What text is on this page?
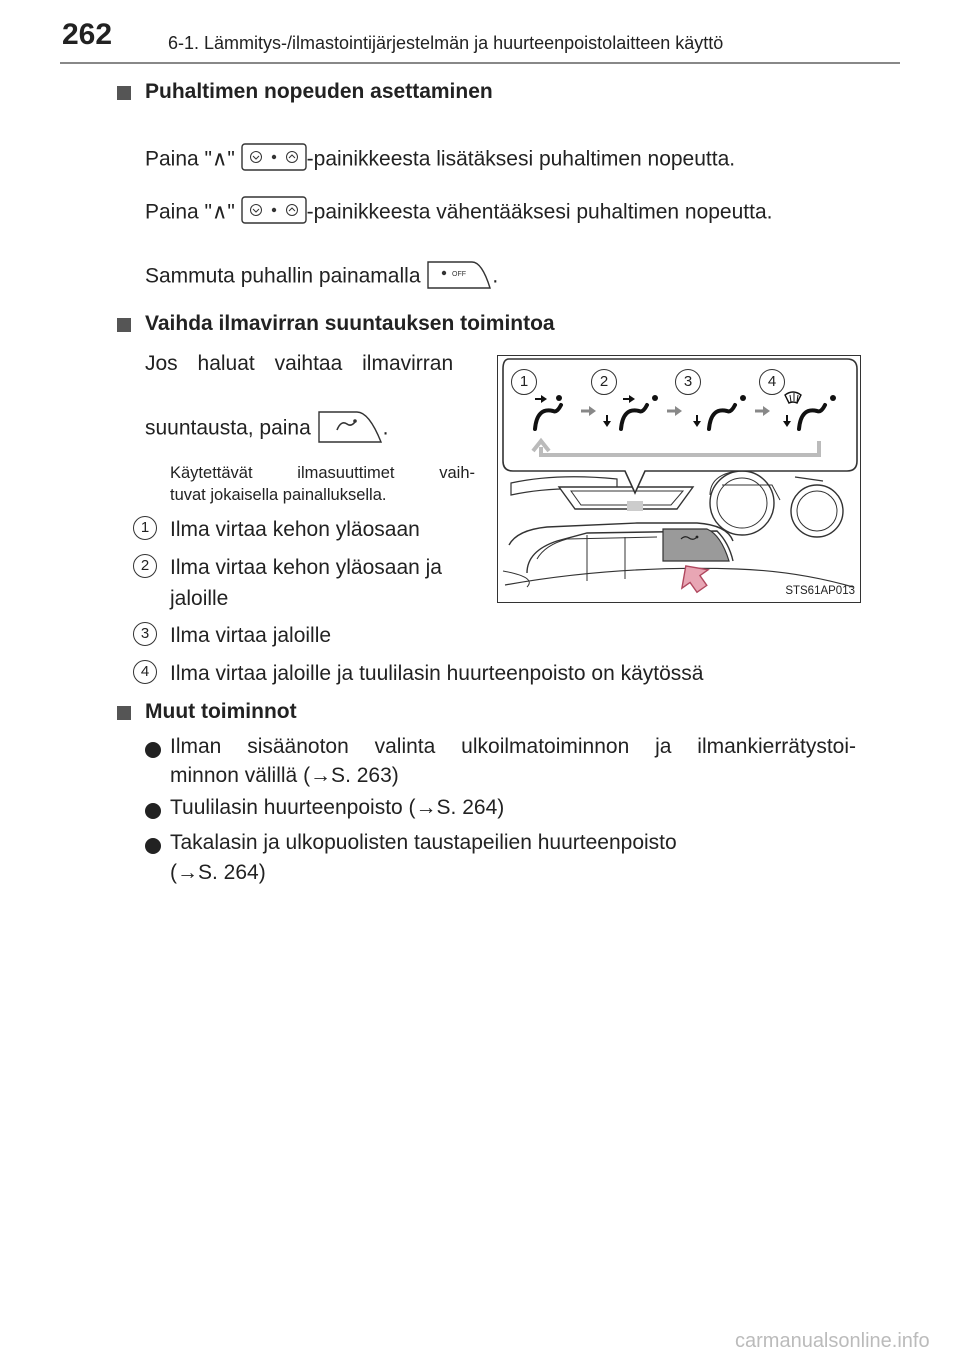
262	6-1. Lämmitys-/ilmastointijärjestelmän ja huurteenpoistolaitteen käyttö
Puhaltimen nopeuden asettaminen
Paina "∧"	-painikkeesta lisätäksesi puhaltimen nopeutta.
Paina "∧"	-painikkeesta vähentääksesi puhaltimen nopeutta.
Sammuta puhallin painamalla	OFF .
Vaihda ilmavirran suuntauksen toimintoa
Jos haluat vaihtaa ilmavirran
suuntausta, paina	.
Käytettävät ilmasuuttimet vaih-
tuvat jokaisella painalluksella.
1 Ilma virtaa kehon yläosaan
2 Ilma virtaa kehon yläosaan ja
jaloille
3 Ilma virtaa jaloille
4 Ilma virtaa jaloille ja tuulilasin huurteenpoisto on käytössä
1	2	3	4
STS61AP013
Muut toiminnot
Ilman sisäänoton valinta ulkoilmatoiminnon ja ilmankierrätystoi-
minnon välillä (→S. 263)
Tuulilasin huurteenpoisto (→S. 264)
Takalasin ja ulkopuolisten taustapeilien huurteenpoisto
(→S. 264)
carmanualsonline.info
